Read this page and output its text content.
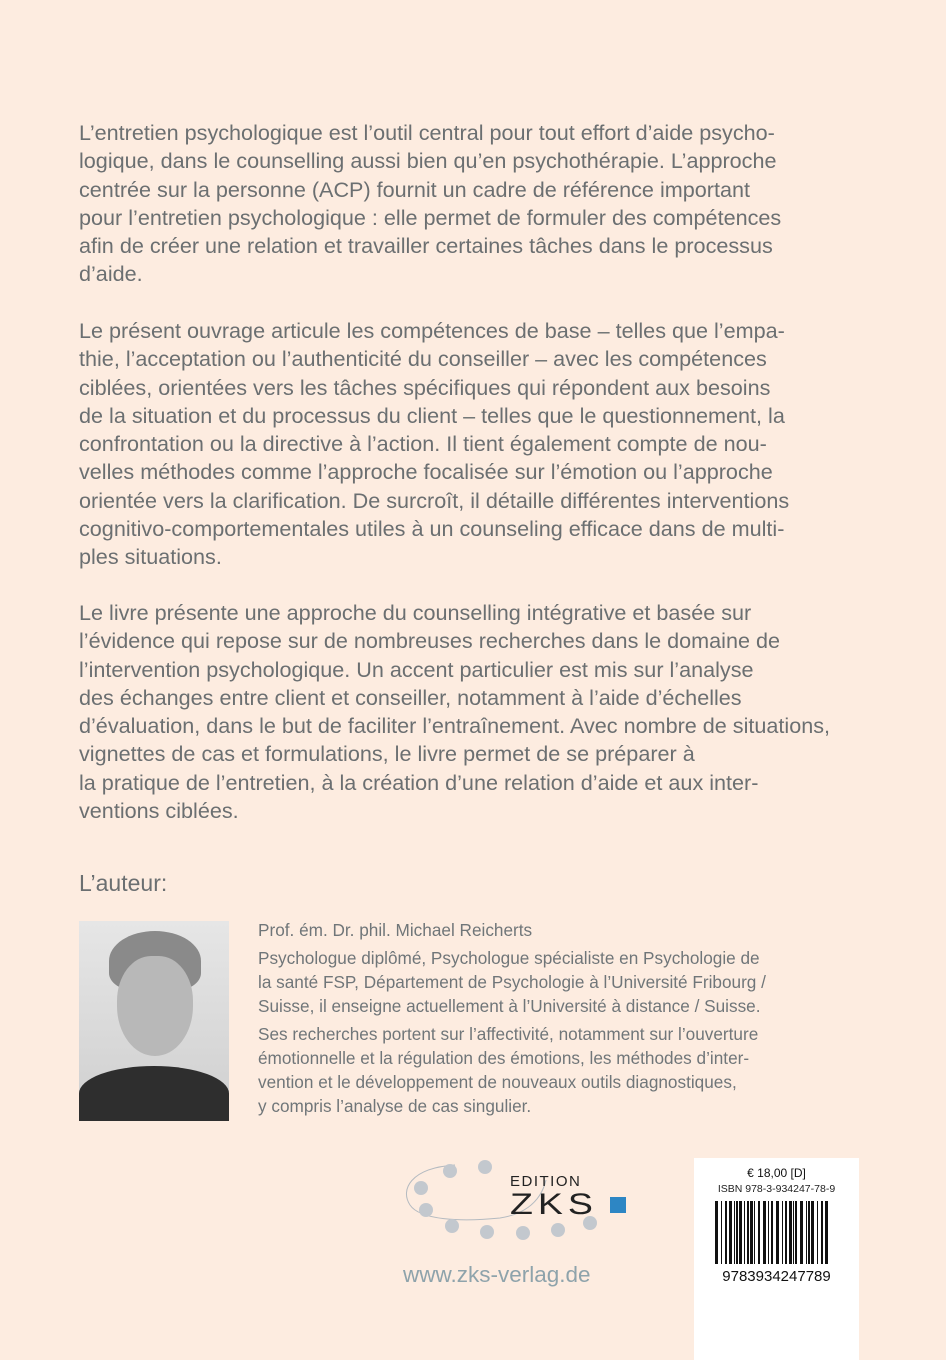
L’entretien psychologique est l’outil central pour tout effort d’aide psycho-
logique, dans le counselling aussi bien qu’en psychothérapie. L’approche
centrée sur la personne (ACP) fournit un cadre de référence important
pour l’entretien psychologique : elle permet de formuler des compétences
afin de créer une relation et travailler certaines tâches dans le processus
d’aide.
Le présent ouvrage articule les compétences de base – telles que l’empa-
thie, l’acceptation ou l’authenticité du conseiller – avec les compétences
ciblées, orientées vers les tâches spécifiques qui répondent aux besoins
de la situation et du processus du client – telles que le questionnement, la
confrontation ou la directive à l’action. Il tient également compte de nou-
velles méthodes comme l’approche focalisée sur l’émotion ou l’approche
orientée vers la clarification. De surcroît, il détaille différentes interventions
cognitivo-comportementales utiles à un counseling efficace dans de multi-
ples situations.
Le livre présente une approche du counselling intégrative et basée sur
l’évidence qui repose sur de nombreuses recherches dans le domaine de
l’intervention psychologique. Un accent particulier est mis sur l’analyse
des échanges entre client et conseiller, notamment à l’aide d’échelles
d’évaluation, dans le but de faciliter l’entraînement. Avec nombre de situations,
vignettes de cas et formulations, le livre permet de se préparer à
la pratique de l’entretien, à la création d’une relation d’aide et aux inter-
ventions ciblées.
L’auteur:
Prof. ém. Dr. phil. Michael Reicherts
Psychologue diplômé, Psychologue spécialiste en Psychologie de
la santé FSP, Département de Psychologie à l’Université Fribourg /
Suisse, il enseigne actuellement à l’Université à distance / Suisse.
Ses recherches portent sur l’affectivité, notamment sur l’ouverture
émotionnelle et la régulation des émotions, les méthodes d’inter-
vention et le développement de nouveaux outils diagnostiques,
y compris l’analyse de cas singulier.
EDITION
ZKS
www.zks-verlag.de
€ 18,00 [D]
ISBN 978-3-934247-78-9
9783934247789
